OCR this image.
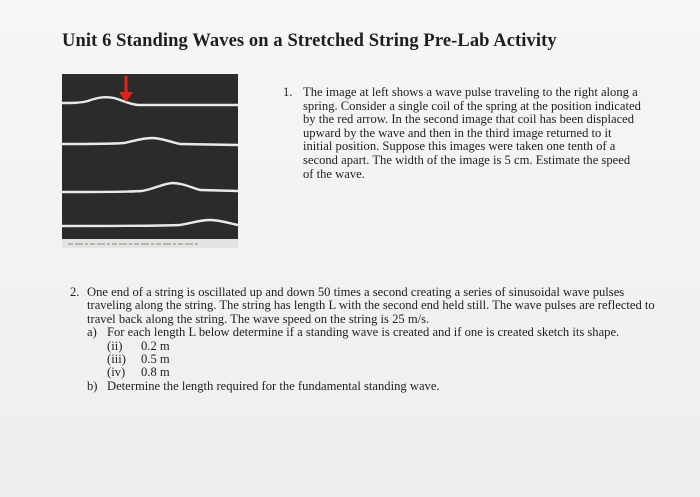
Unit 6 Standing Waves on a Stretched String Pre-Lab Activity
1. The image at left shows a wave pulse traveling to the right along a spring. Consider a single coil of the spring at the position indicated by the red arrow. In the second image that coil has been displaced upward by the wave and then in the third image returned to it initial position. Suppose this images were taken one tenth of a second apart. The width of the image is 5 cm. Estimate the speed of the wave.
2. One end of a string is oscillated up and down 50 times a second creating a series of sinusoidal wave pulses traveling along the string. The string has length L with the second end held still. The wave pulses are reflected to travel back along the string. The wave speed on the string is 25 m/s.
a) For each length L below determine if a standing wave is created and if one is created sketch its shape.
(ii)	0.2 m
(iii)	0.5 m
(iv)	0.8 m
b) Determine the length required for the fundamental standing wave.
